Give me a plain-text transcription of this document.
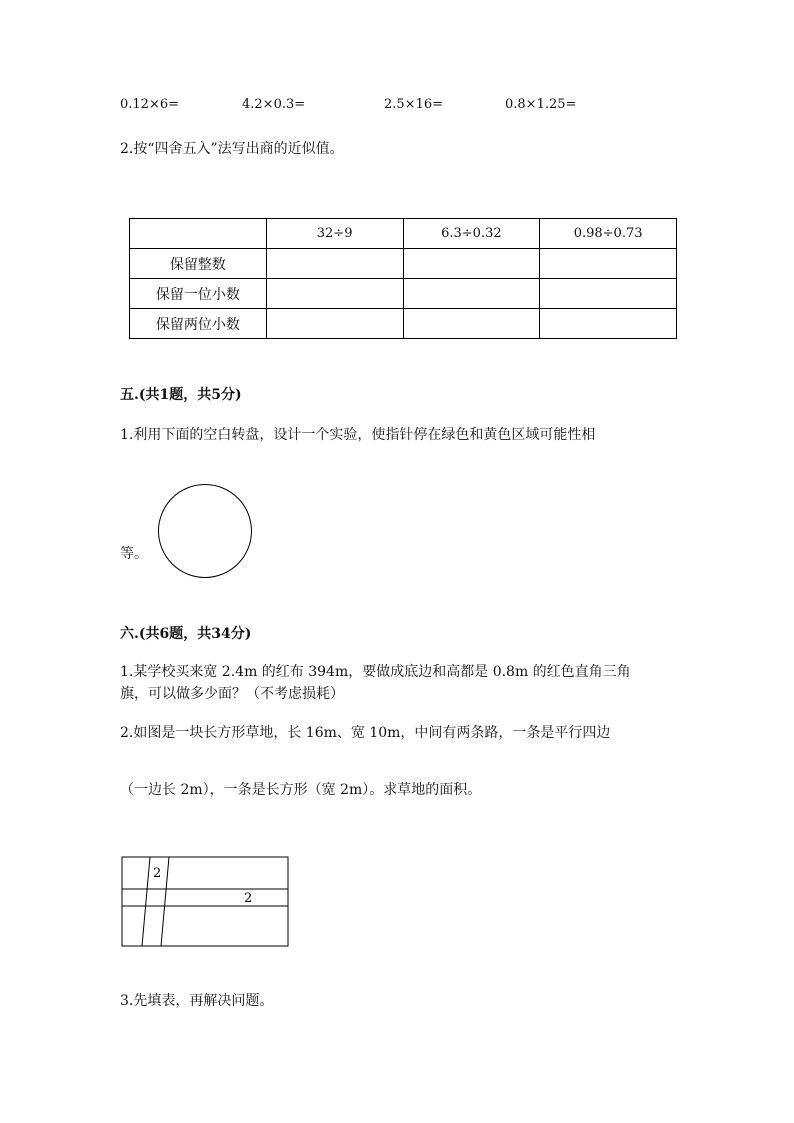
0.12×6=	4.2×0.3=	2.5×16=	0.8×1.25=
2.按“四舍五入”法写出商的近似值。
	32÷9	6.3÷0.32	0.98÷0.73
保留整数			
保留一位小数			
保留两位小数			
五.(共1题，共5分)
1.利用下面的空白转盘，设计一个实验，使指针停在绿色和黄色区域可能性相
等。
六.(共6题，共34分)
1.某学校买来宽 2.4m 的红布 394m，要做成底边和高都是 0.8m 的红色直角三角
旗，可以做多少面？（不考虑损耗）
2.如图是一块长方形草地，长 16m、宽 10m，中间有两条路，一条是平行四边
（一边长 2m），一条是长方形（宽 2m）。求草地的面积。
2
2
3.先填表，再解决问题。
